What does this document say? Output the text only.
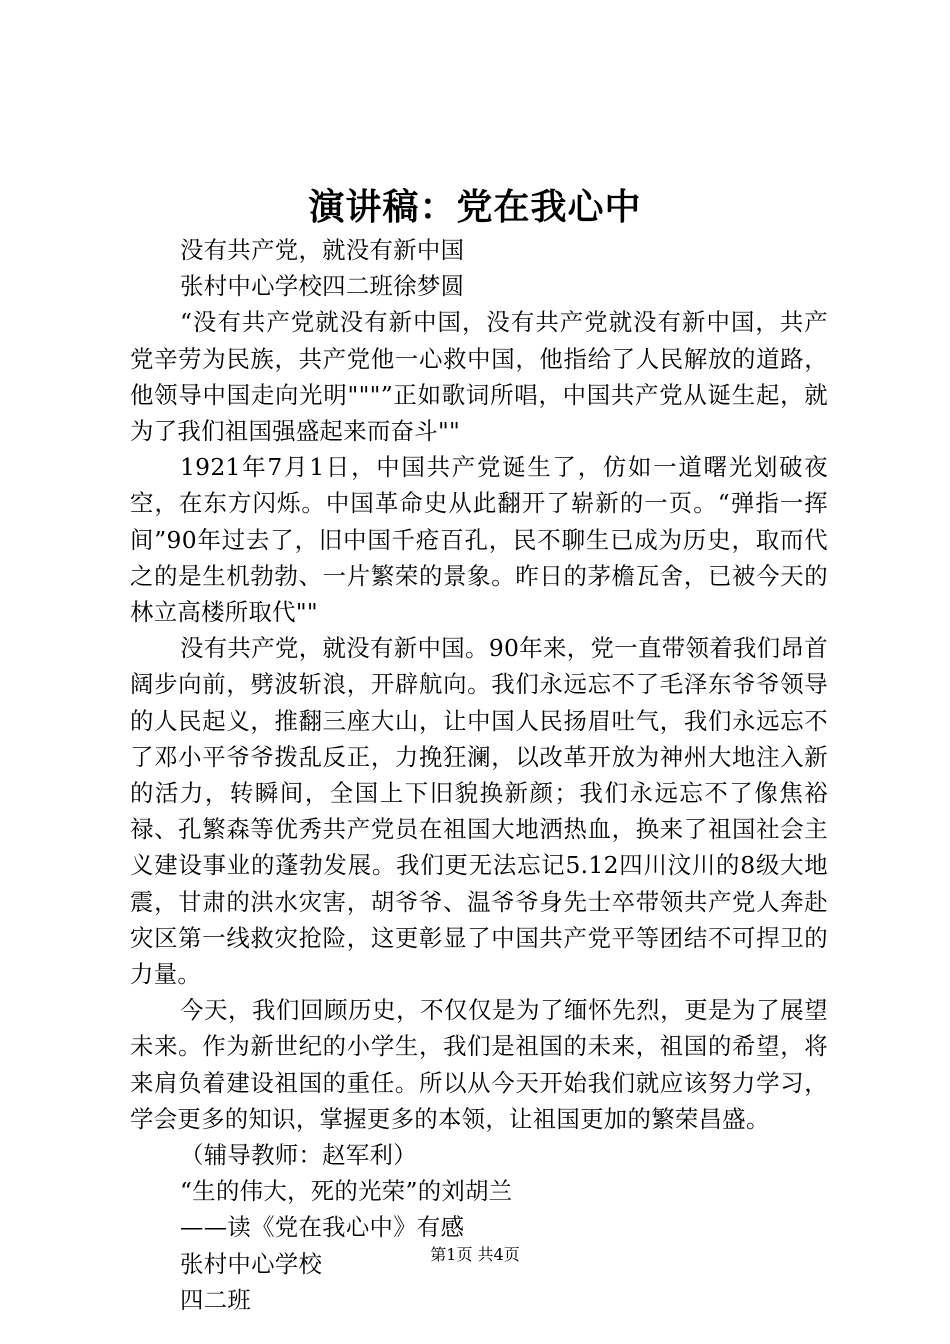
演讲稿：党在我心中
没有共产党，就没有新中国
张村中心学校四二班徐梦圆

“没有共产党就没有新中国，没有共产党就没有新中国，共产党辛劳为民族，共产党他一心救中国，他指给了人民解放的道路，他领导中国走向光明"""”正如歌词所唱，中国共产党从诞生起，就为了我们祖国强盛起来而奋斗""

1921年7月1日，中国共产党诞生了，仿如一道曙光划破夜空，在东方闪烁。中国革命史从此翻开了崭新的一页。“弹指一挥间”90年过去了，旧中国千疮百孔，民不聊生已成为历史，取而代之的是生机勃勃、一片繁荣的景象。昨日的茅檐瓦舍，已被今天的林立高楼所取代""

没有共产党，就没有新中国。90年来，党一直带领着我们昂首阔步向前，劈波斩浪，开辟航向。我们永远忘不了毛泽东爷爷领导的人民起义，推翻三座大山，让中国人民扬眉吐气，我们永远忘不了邓小平爷爷拨乱反正，力挽狂澜，以改革开放为神州大地注入新的活力，转瞬间，全国上下旧貌换新颜；我们永远忘不了像焦裕禄、孔繁森等优秀共产党员在祖国大地洒热血，换来了祖国社会主义建设事业的蓬勃发展。我们更无法忘记5.12四川汶川的8级大地震，甘肃的洪水灾害，胡爷爷、温爷爷身先士卒带领共产党人奔赴灾区第一线救灾抢险，这更彰显了中国共产党平等团结不可捍卫的力量。

今天，我们回顾历史，不仅仅是为了缅怀先烈，更是为了展望未来。作为新世纪的小学生，我们是祖国的未来，祖国的希望，将来肩负着建设祖国的重任。所以从今天开始我们就应该努力学习，学会更多的知识，掌握更多的本领，让祖国更加的繁荣昌盛。

（辅导教师：赵军利）
“生的伟大，死的光荣”的刘胡兰
——读《党在我心中》有感
张村中心学校
四二班
第1页 共4页
